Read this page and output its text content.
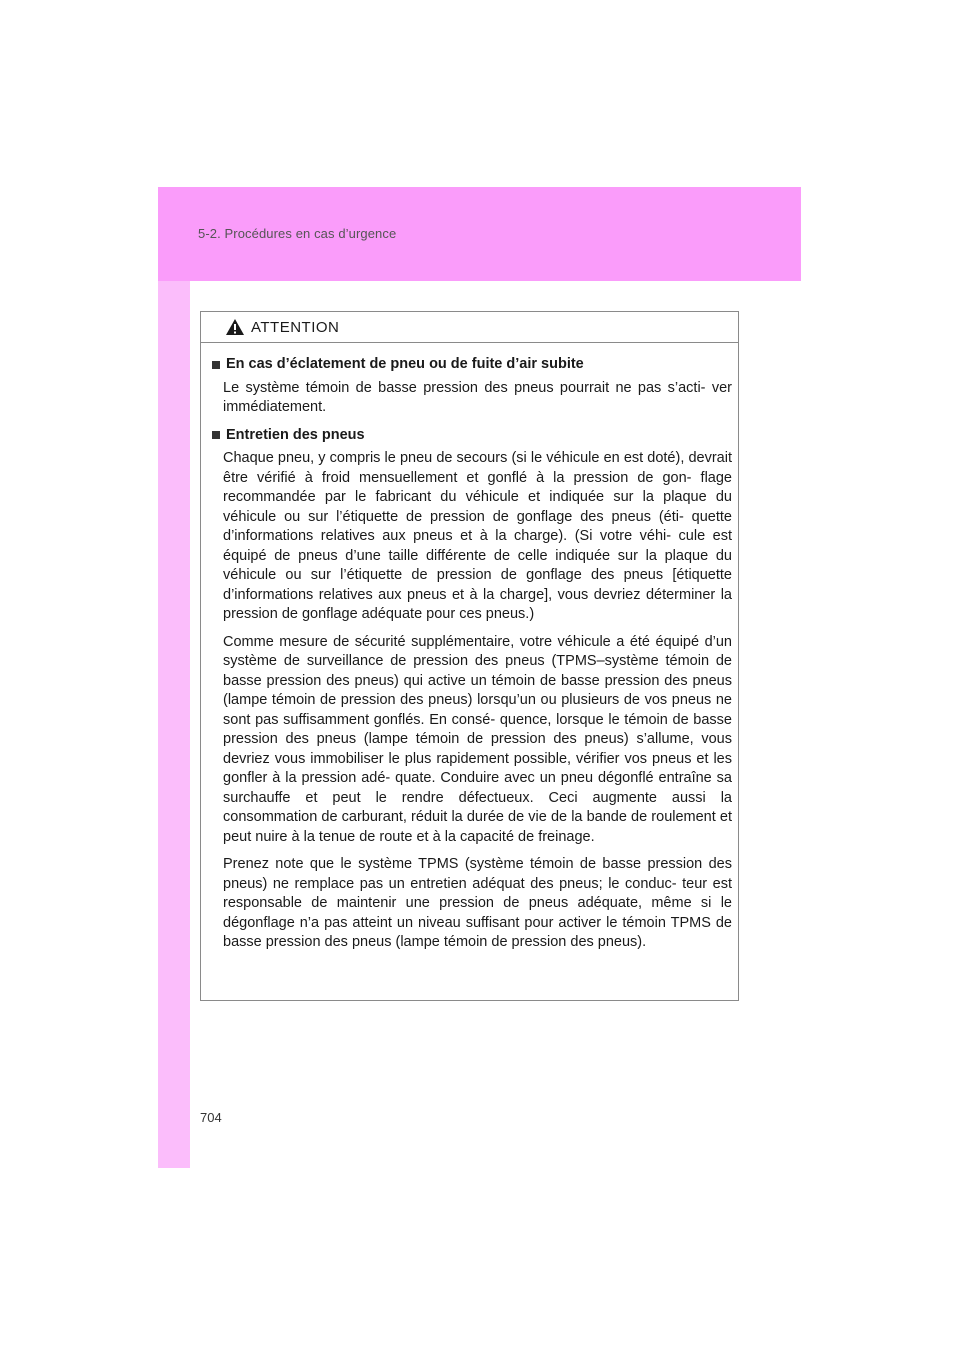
5-2. Procédures en cas d’urgence
ATTENTION
En cas d’éclatement de pneu ou de fuite d’air subite

Le système témoin de basse pression des pneus pourrait ne pas s’acti- ver immédiatement.

Entretien des pneus

Chaque pneu, y compris le pneu de secours (si le véhicule en est doté), devrait être vérifié à froid mensuellement et gonflé à la pression de gon- flage recommandée par le fabricant du véhicule et indiquée sur la plaque du véhicule ou sur l’étiquette de pression de gonflage des pneus (éti- quette d’informations relatives aux pneus et à la charge). (Si votre véhi- cule est équipé de pneus d’une taille différente de celle indiquée sur la plaque du véhicule ou sur l’étiquette de pression de gonflage des pneus [étiquette d’informations relatives aux pneus et à la charge], vous devriez déterminer la pression de gonflage adéquate pour ces pneus.)

Comme mesure de sécurité supplémentaire, votre véhicule a été équipé d’un système de surveillance de pression des pneus (TPMS–système témoin de basse pression des pneus) qui active un témoin de basse pression des pneus (lampe témoin de pression des pneus) lorsqu’un ou plusieurs de vos pneus ne sont pas suffisamment gonflés. En consé- quence, lorsque le témoin de basse pression des pneus (lampe témoin de pression des pneus) s’allume, vous devriez vous immobiliser le plus rapidement possible, vérifier vos pneus et les gonfler à la pression adé- quate. Conduire avec un pneu dégonflé entraîne sa surchauffe et peut le rendre défectueux. Ceci augmente aussi la consommation de carburant, réduit la durée de vie de la bande de roulement et peut nuire à la tenue de route et à la capacité de freinage.

Prenez note que le système TPMS (système témoin de basse pression des pneus) ne remplace pas un entretien adéquat des pneus; le conduc- teur est responsable de maintenir une pression de pneus adéquate, même si le dégonflage n’a pas atteint un niveau suffisant pour activer le témoin TPMS de basse pression des pneus (lampe témoin de pression des pneus).

704
